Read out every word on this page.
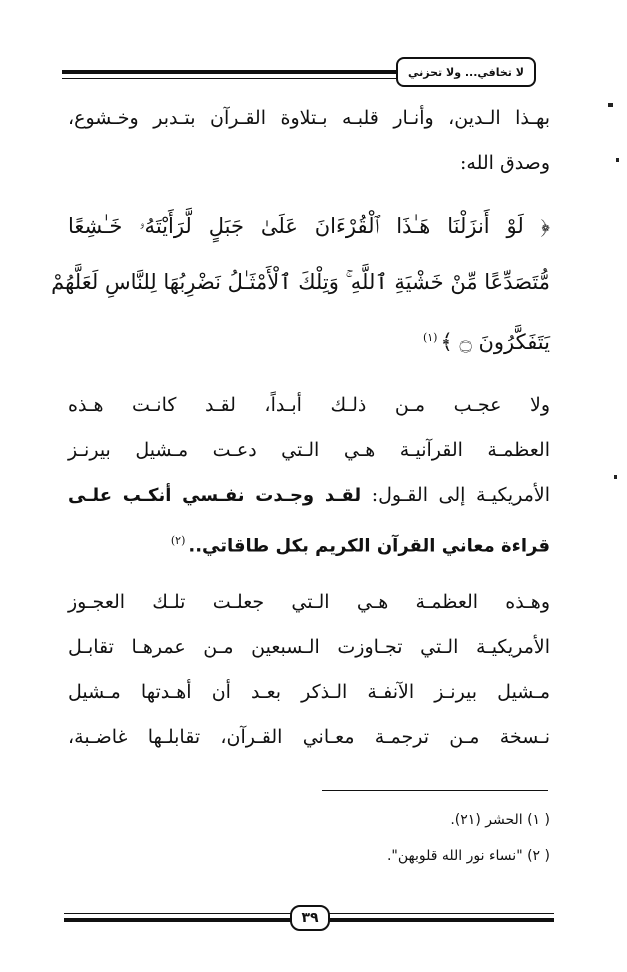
لا تخافي... ولا تحزني
بهـذا الـدين، وأنـار قلبـه بـتلاوة القـرآن بتـدبر وخـشوع،
وصدق الله:
﴿ لَوْ أَنزَلْنَا هَـٰذَا ٱلْقُرْءَانَ عَلَىٰ جَبَلٍ لَّرَأَيْتَهُۥ خَـٰشِعًا
مُّتَصَدِّعًا مِّنْ خَشْيَةِ ٱللَّهِ ۚ وَتِلْكَ ٱلْأَمْثَـٰلُ نَضْرِبُهَا لِلنَّاسِ لَعَلَّهُمْ
يَتَفَكَّرُونَ ۝ ﴾$^{(١)}$
ولا عجـب مـن ذلـك أبـداً، لقـد كانـت هـذه
العظمـة القرآنيـة هـي الـتي دعـت مـشيل بيرنـز
الأمريكيـة إلى القـول: لقـد وجـدت نفـسي أنكـب علـى
قراءة معاني القرآن الكريم بكل طاقاتي..$^{(٢)}$
وهـذه العظمـة هـي الـتي جعلـت تلـك العجـوز
الأمريكيـة الـتي تجـاوزت الـسبعين مـن عمرهـا تقابـل
مـشيل بيرنـز الآنفـة الـذكر بعـد أن أهـدتها مـشيل
نـسخة مـن ترجمـة معـاني القـرآن، تقابلـها غاضـبة،
( ١) الحشر (٢١).
( ٢) "نساء نور الله قلوبهن".
٣٩
